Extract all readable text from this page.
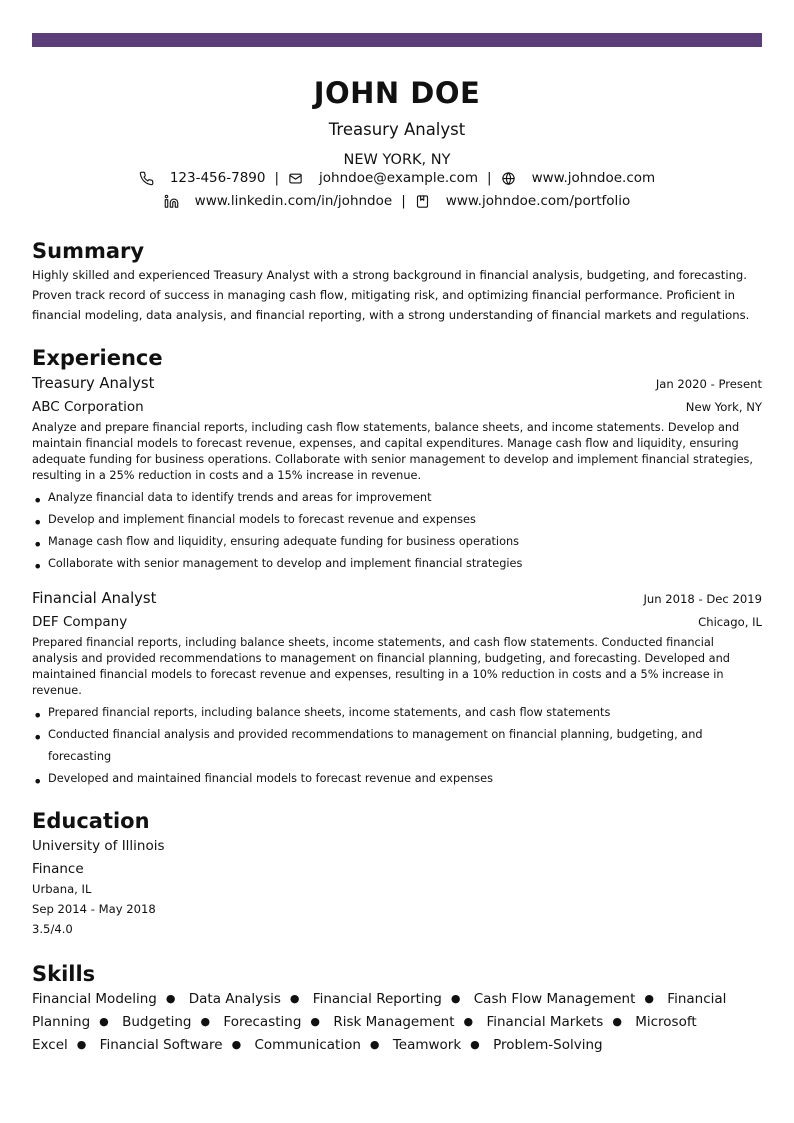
JOHN DOE
Treasury Analyst
NEW YORK, NY
123-456-7890 |	johndoe@example.com |	www.johndoe.com
www.linkedin.com/in/johndoe |	www.johndoe.com/portfolio
Summary
Highly skilled and experienced Treasury Analyst with a strong background in financial analysis, budgeting, and forecasting. Proven track record of success in managing cash flow, mitigating risk, and optimizing financial performance. Proficient in financial modeling, data analysis, and financial reporting, with a strong understanding of financial markets and regulations.
Experience
Treasury Analyst	Jan 2020 - Present
ABC Corporation	New York, NY
Analyze and prepare financial reports, including cash flow statements, balance sheets, and income statements. Develop and maintain financial models to forecast revenue, expenses, and capital expenditures. Manage cash flow and liquidity, ensuring adequate funding for business operations. Collaborate with senior management to develop and implement financial strategies, resulting in a 25% reduction in costs and a 15% increase in revenue.
• Analyze financial data to identify trends and areas for improvement
• Develop and implement financial models to forecast revenue and expenses
• Manage cash flow and liquidity, ensuring adequate funding for business operations
• Collaborate with senior management to develop and implement financial strategies
Financial Analyst	Jun 2018 - Dec 2019
DEF Company	Chicago, IL
Prepared financial reports, including balance sheets, income statements, and cash flow statements. Conducted financial analysis and provided recommendations to management on financial planning, budgeting, and forecasting. Developed and maintained financial models to forecast revenue and expenses, resulting in a 10% reduction in costs and a 5% increase in revenue.
• Prepared financial reports, including balance sheets, income statements, and cash flow statements
• Conducted financial analysis and provided recommendations to management on financial planning, budgeting, and forecasting
• Developed and maintained financial models to forecast revenue and expenses
Education
University of Illinois
Finance
Urbana, IL
Sep 2014 - May 2018
3.5/4.0
Skills
Financial Modeling ● Data Analysis ● Financial Reporting ● Cash Flow Management ● Financial Planning ● Budgeting ● Forecasting ● Risk Management ● Financial Markets ● Microsoft Excel ● Financial Software ● Communication ● Teamwork ● Problem-Solving
